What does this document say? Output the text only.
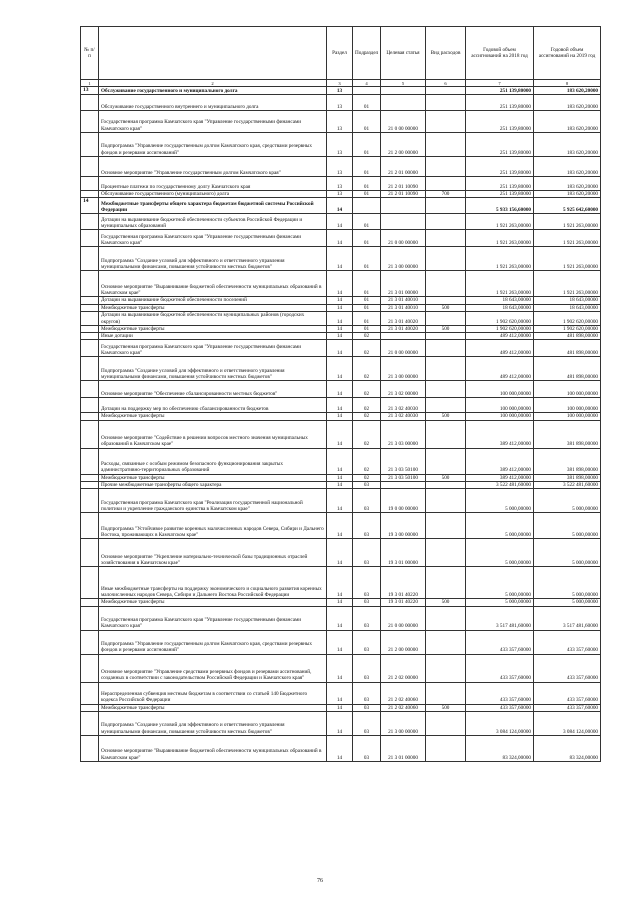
№ п/п		Раздел	Подраздел	Целевая статья	Вид расходов	Годовой объем ассигнований на 2018 год	Годовой объем ассигнований на 2019 год
1	2	3	4	5	6	7	8
13	Обслуживание государственного и муниципального долга	13				251 139,80000	183 620,20000
	Обслуживание государственного внутреннего и муниципального долга	13	01			251 139,80000	183 620,20000
	Государственная программа Камчатского края "Управление государственными финансами Камчатского края"	13	01	21 0 00 00000		251 139,80000	183 620,20000
	Подпрограмма "Управление государственным долгом Камчатского края, средствами резервных фондов и резервами ассигнований"	13	01	21 2 00 00000		251 139,80000	183 620,20000
	Основное мероприятие "Управление государственным долгом Камчатского края"	13	01	21 2 01 00000		251 139,80000	183 620,20000
	Процентные платежи по государственному долгу Камчатского края	13	01	21 2 01 10090		251 139,80000	183 620,20000
	Обслуживание государственного (муниципального) долга	13	01	21 2 01 10090	700	251 139,80000	183 620,20000
14	Межбюджетные трансферты общего характера бюджетам бюджетной системы Российской Федерации	14				5 933 156,60000	5 925 642,60000
	Дотации на выравнивание бюджетной обеспеченности субъектов Российской Федерации и муниципальных образований	14	01			1 921 263,00000	1 921 263,00000
	Государственная программа Камчатского края "Управление государственными финансами Камчатского края"	14	01	21 0 00 00000		1 921 263,00000	1 921 263,00000
	Подпрограмма "Создание условий для эффективного и ответственного управления муниципальными финансами, повышения устойчивости местных бюджетов"	14	01	21 3 00 00000		1 921 263,00000	1 921 263,00000
	Основное мероприятие "Выравнивание бюджетной обеспеченности муниципальных образований в Камчатском крае"	14	01	21 3 01 00000		1 921 263,00000	1 921 263,00000
	Дотации на выравнивание бюджетной обеспеченности поселений	14	01	21 3 01 40010		18 643,00000	18 643,00000
	Межбюджетные трансферты	14	01	21 3 01 40010	500	18 643,00000	18 643,00000
	Дотации на выравнивание бюджетной обеспеченности муниципальных районов (городских округов)	14	01	21 3 01 40020		1 902 620,00000	1 902 620,00000
	Межбюджетные трансферты	14	01	21 3 01 40020	500	1 902 620,00000	1 902 620,00000
	Иные дотации	14	02			489 412,00000	481 898,00000
	Государственная программа Камчатского края "Управление государственными финансами Камчатского края"	14	02	21 0 00 00000		489 412,00000	481 898,00000
	Подпрограмма "Создание условий для эффективного и ответственного управления муниципальными финансами, повышения устойчивости местных бюджетов"	14	02	21 3 00 00000		489 412,00000	481 898,00000
	Основное мероприятие "Обеспечение сбалансированности местных бюджетов"	14	02	21 3 02 00000		100 000,00000	100 000,00000
	Дотации на поддержку мер по обеспечению сбалансированности бюджетов	14	02	21 3 02 40030		100 000,00000	100 000,00000
	Межбюджетные трансферты	14	02	21 3 02 40030	500	100 000,00000	100 000,00000
	Основное мероприятие "Содействие в решении вопросов местного значения муниципальных образований в Камчатском крае"	14	02	21 3 03 00000		389 412,00000	381 898,00000
	Расходы, связанные с особым режимом безопасного функционирования закрытых административно-территориальных образований	14	02	21 3 03 50100		389 412,00000	381 898,00000
	Межбюджетные трансферты	14	02	21 3 03 50100	500	389 412,00000	381 898,00000
	Прочие межбюджетные трансферты общего характера	14	03			3 522 481,60000	3 522 481,60000
	Государственная программа Камчатского края "Реализация государственной национальной политики и укрепление гражданского единства в Камчатском крае"	14	03	19 0 00 00000		5 000,00000	5 000,00000
	Подпрограмма "Устойчивое развитие коренных малочисленных народов Севера, Сибири и Дальнего Востока, проживающих в Камчатском крае"	14	03	19 3 00 00000		5 000,00000	5 000,00000
	Основное мероприятие "Укрепление материально-технической базы традиционных отраслей хозяйствования в Камчатском крае"	14	03	19 3 01 00000		5 000,00000	5 000,00000
	Иные межбюджетные трансферты на поддержку экономического и социального развития коренных малочисленных народов Севера, Сибири и Дальнего Востока Российской Федерации	14	03	19 3 01 40220		5 000,00000	5 000,00000
	Межбюджетные трансферты	14	03	19 3 01 40220	500	5 000,00000	5 000,00000
	Государственная программа Камчатского края "Управление государственными финансами Камчатского края"	14	03	21 0 00 00000		3 517 481,60000	3 517 481,60000
	Подпрограмма "Управление государственным долгом Камчатского края, средствами резервных фондов и резервами ассигнований"	14	03	21 2 00 00000		433 357,60000	433 357,60000
	Основное мероприятие "Управление средствами резервных фондов и резервами ассигнований, созданных в соответствии с законодательством Российской Федерации и Камчатского края"	14	03	21 2 02 00000		433 357,60000	433 357,60000
	Нераспределенная субвенция местным бюджетам в соответствии со статьей 140 Бюджетного кодекса Российской Федерации	14	03	21 2 02 40060		433 357,60000	433 357,60000
	Межбюджетные трансферты	14	03	21 2 02 40060	500	433 357,60000	433 357,60000
	Подпрограмма "Создание условий для эффективного и ответственного управления муниципальными финансами, повышения устойчивости местных бюджетов"	14	03	21 3 00 00000		3 084 124,00000	3 084 124,00000
	Основное мероприятие "Выравнивание бюджетной обеспеченности муниципальных образований в Камчатском крае"	14	03	21 3 01 00000		83 324,00000	83 324,00000
76
